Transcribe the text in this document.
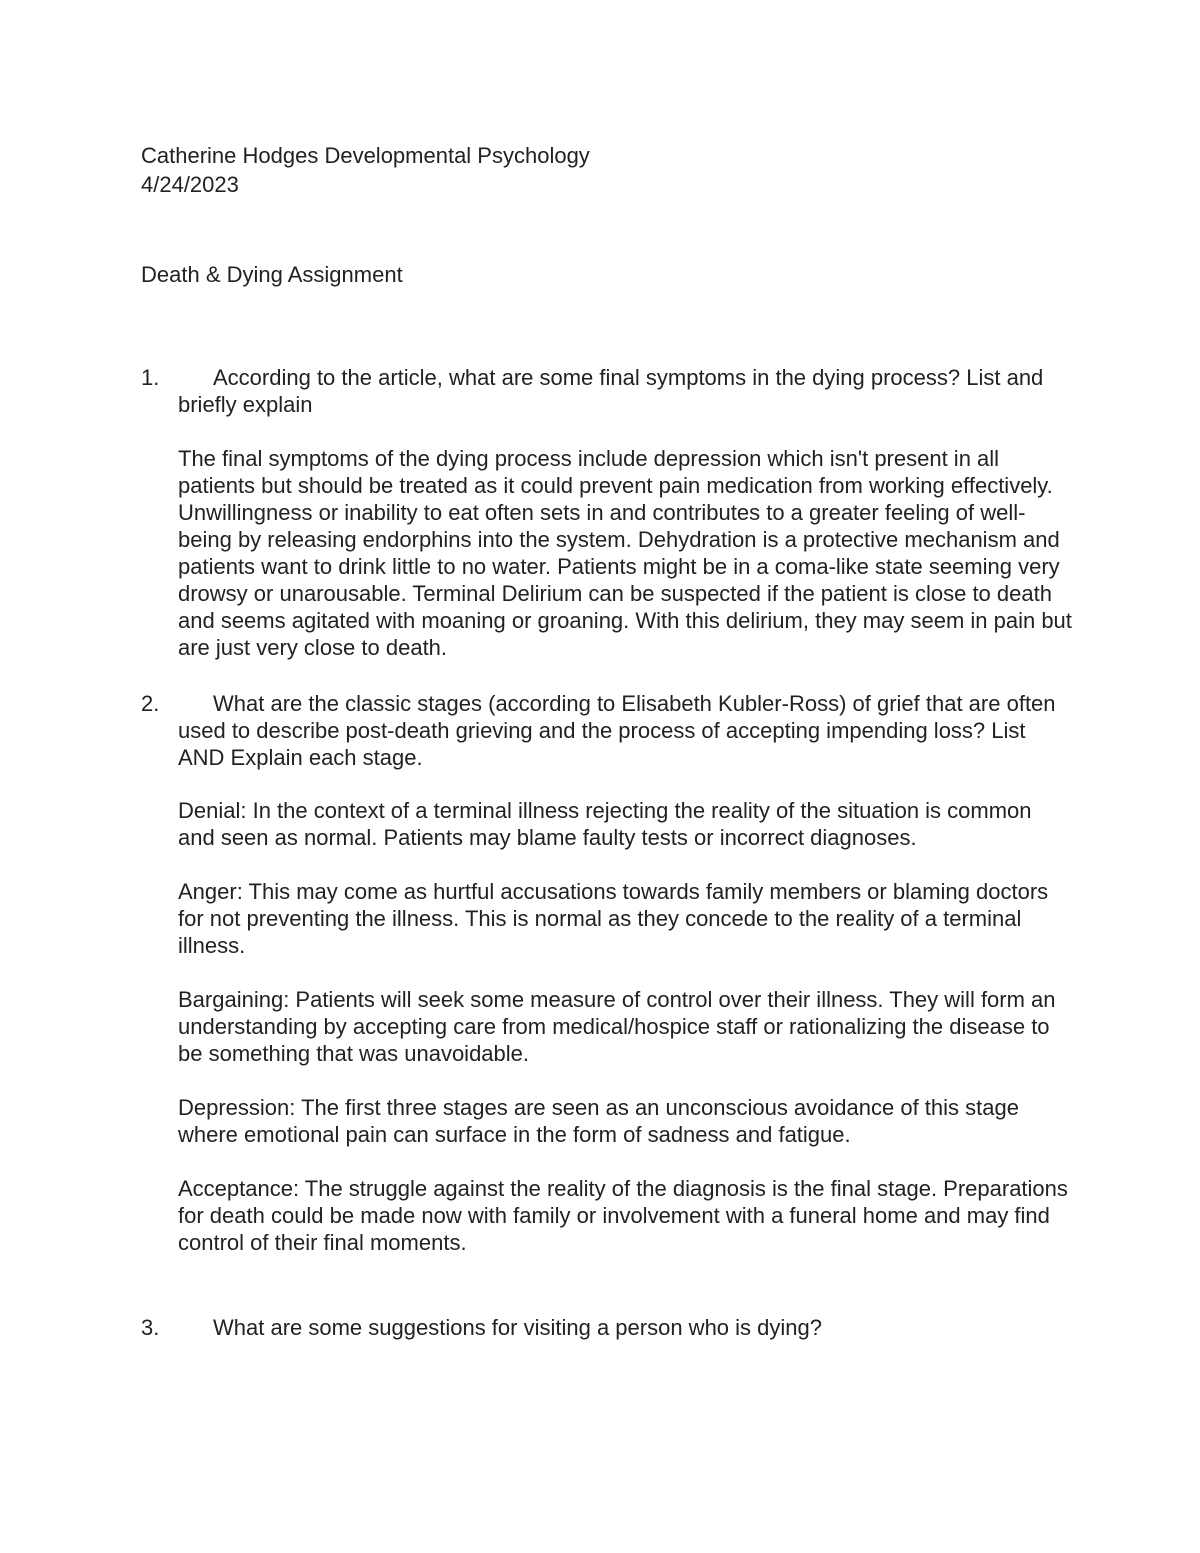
Catherine Hodges Developmental Psychology
4/24/2023
Death & Dying Assignment
1.	According to the article, what are some final symptoms in the dying process? List and briefly explain

The final symptoms of the dying process include depression which isn't present in all patients but should be treated as it could prevent pain medication from working effectively. Unwillingness or inability to eat often sets in and contributes to a greater feeling of well-being by releasing endorphins into the system. Dehydration is a protective mechanism and patients want to drink little to no water. Patients might be in a coma-like state seeming very drowsy or unarousable. Terminal Delirium can be suspected if the patient is close to death and seems agitated with moaning or groaning. With this delirium, they may seem in pain but are just very close to death.

2.	What are the classic stages (according to Elisabeth Kubler-Ross) of grief that are often used to describe post-death grieving and the process of accepting impending loss? List AND Explain each stage.

Denial: In the context of a terminal illness rejecting the reality of the situation is common and seen as normal. Patients may blame faulty tests or incorrect diagnoses.

Anger: This may come as hurtful accusations towards family members or blaming doctors for not preventing the illness. This is normal as they concede to the reality of a terminal illness.

Bargaining: Patients will seek some measure of control over their illness. They will form an understanding by accepting care from medical/hospice staff or rationalizing the disease to be something that was unavoidable.

Depression: The first three stages are seen as an unconscious avoidance of this stage where emotional pain can surface in the form of sadness and fatigue.

Acceptance: The struggle against the reality of the diagnosis is the final stage. Preparations for death could be made now with family or involvement with a funeral home and may find control of their final moments.

3.	What are some suggestions for visiting a person who is dying?
